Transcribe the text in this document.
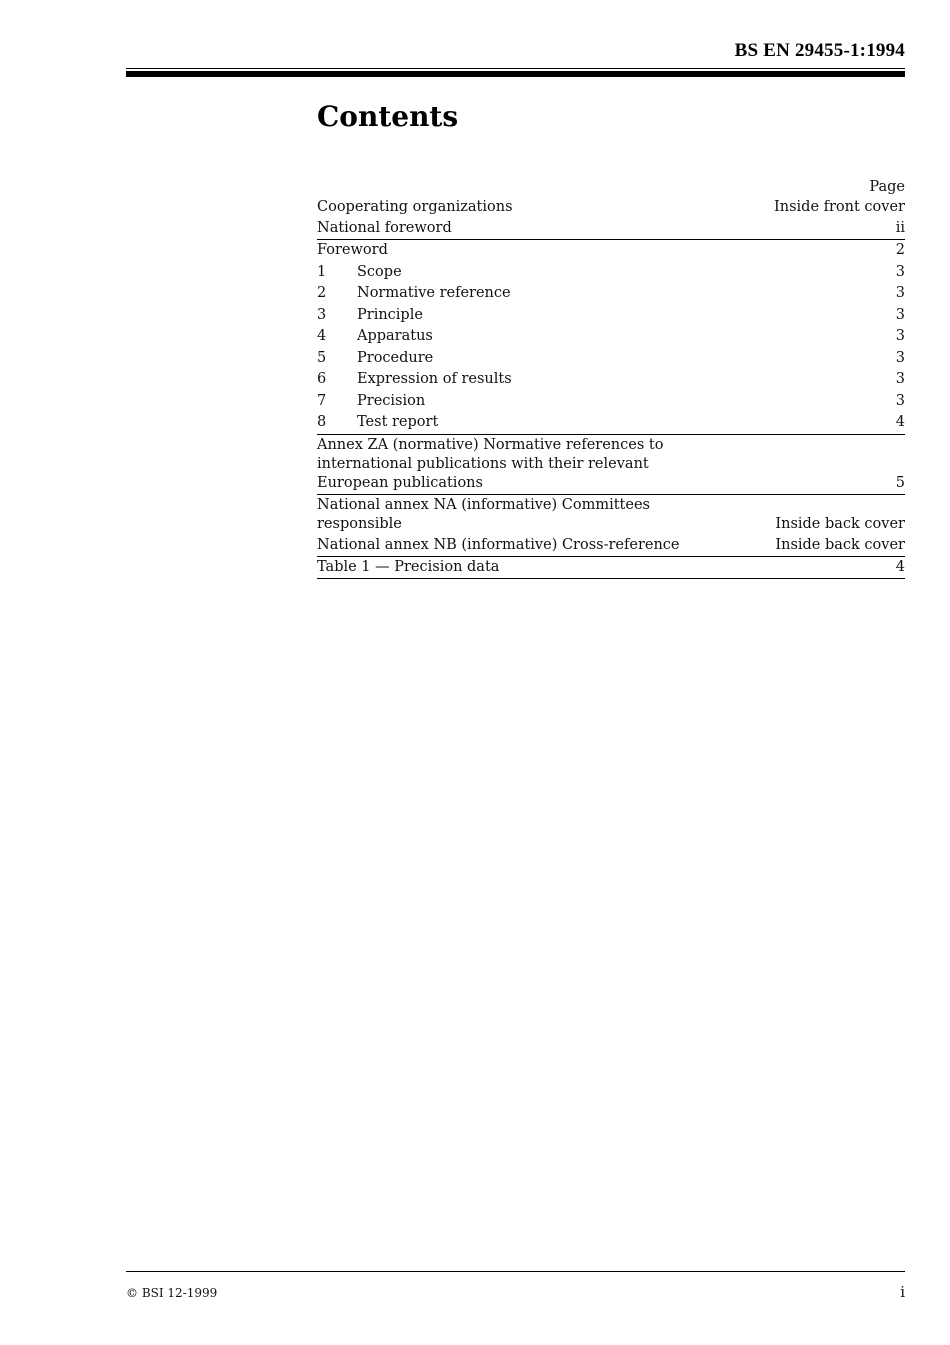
BS EN 29455-1:1994
Contents
Page
Cooperating organizations	Inside front cover
National foreword	ii
Foreword	2
1	Scope	3
2	Normative reference	3
3	Principle	3
4	Apparatus	3
5	Procedure	3
6	Expression of results	3
7	Precision	3
8	Test report	4
Annex ZA (normative) Normative references to international publications with their relevant European publications	5
National annex NA (informative) Committees responsible	Inside back cover
National annex NB (informative) Cross-reference	Inside back cover
Table 1 — Precision data	4
© BSI 12-1999	i
